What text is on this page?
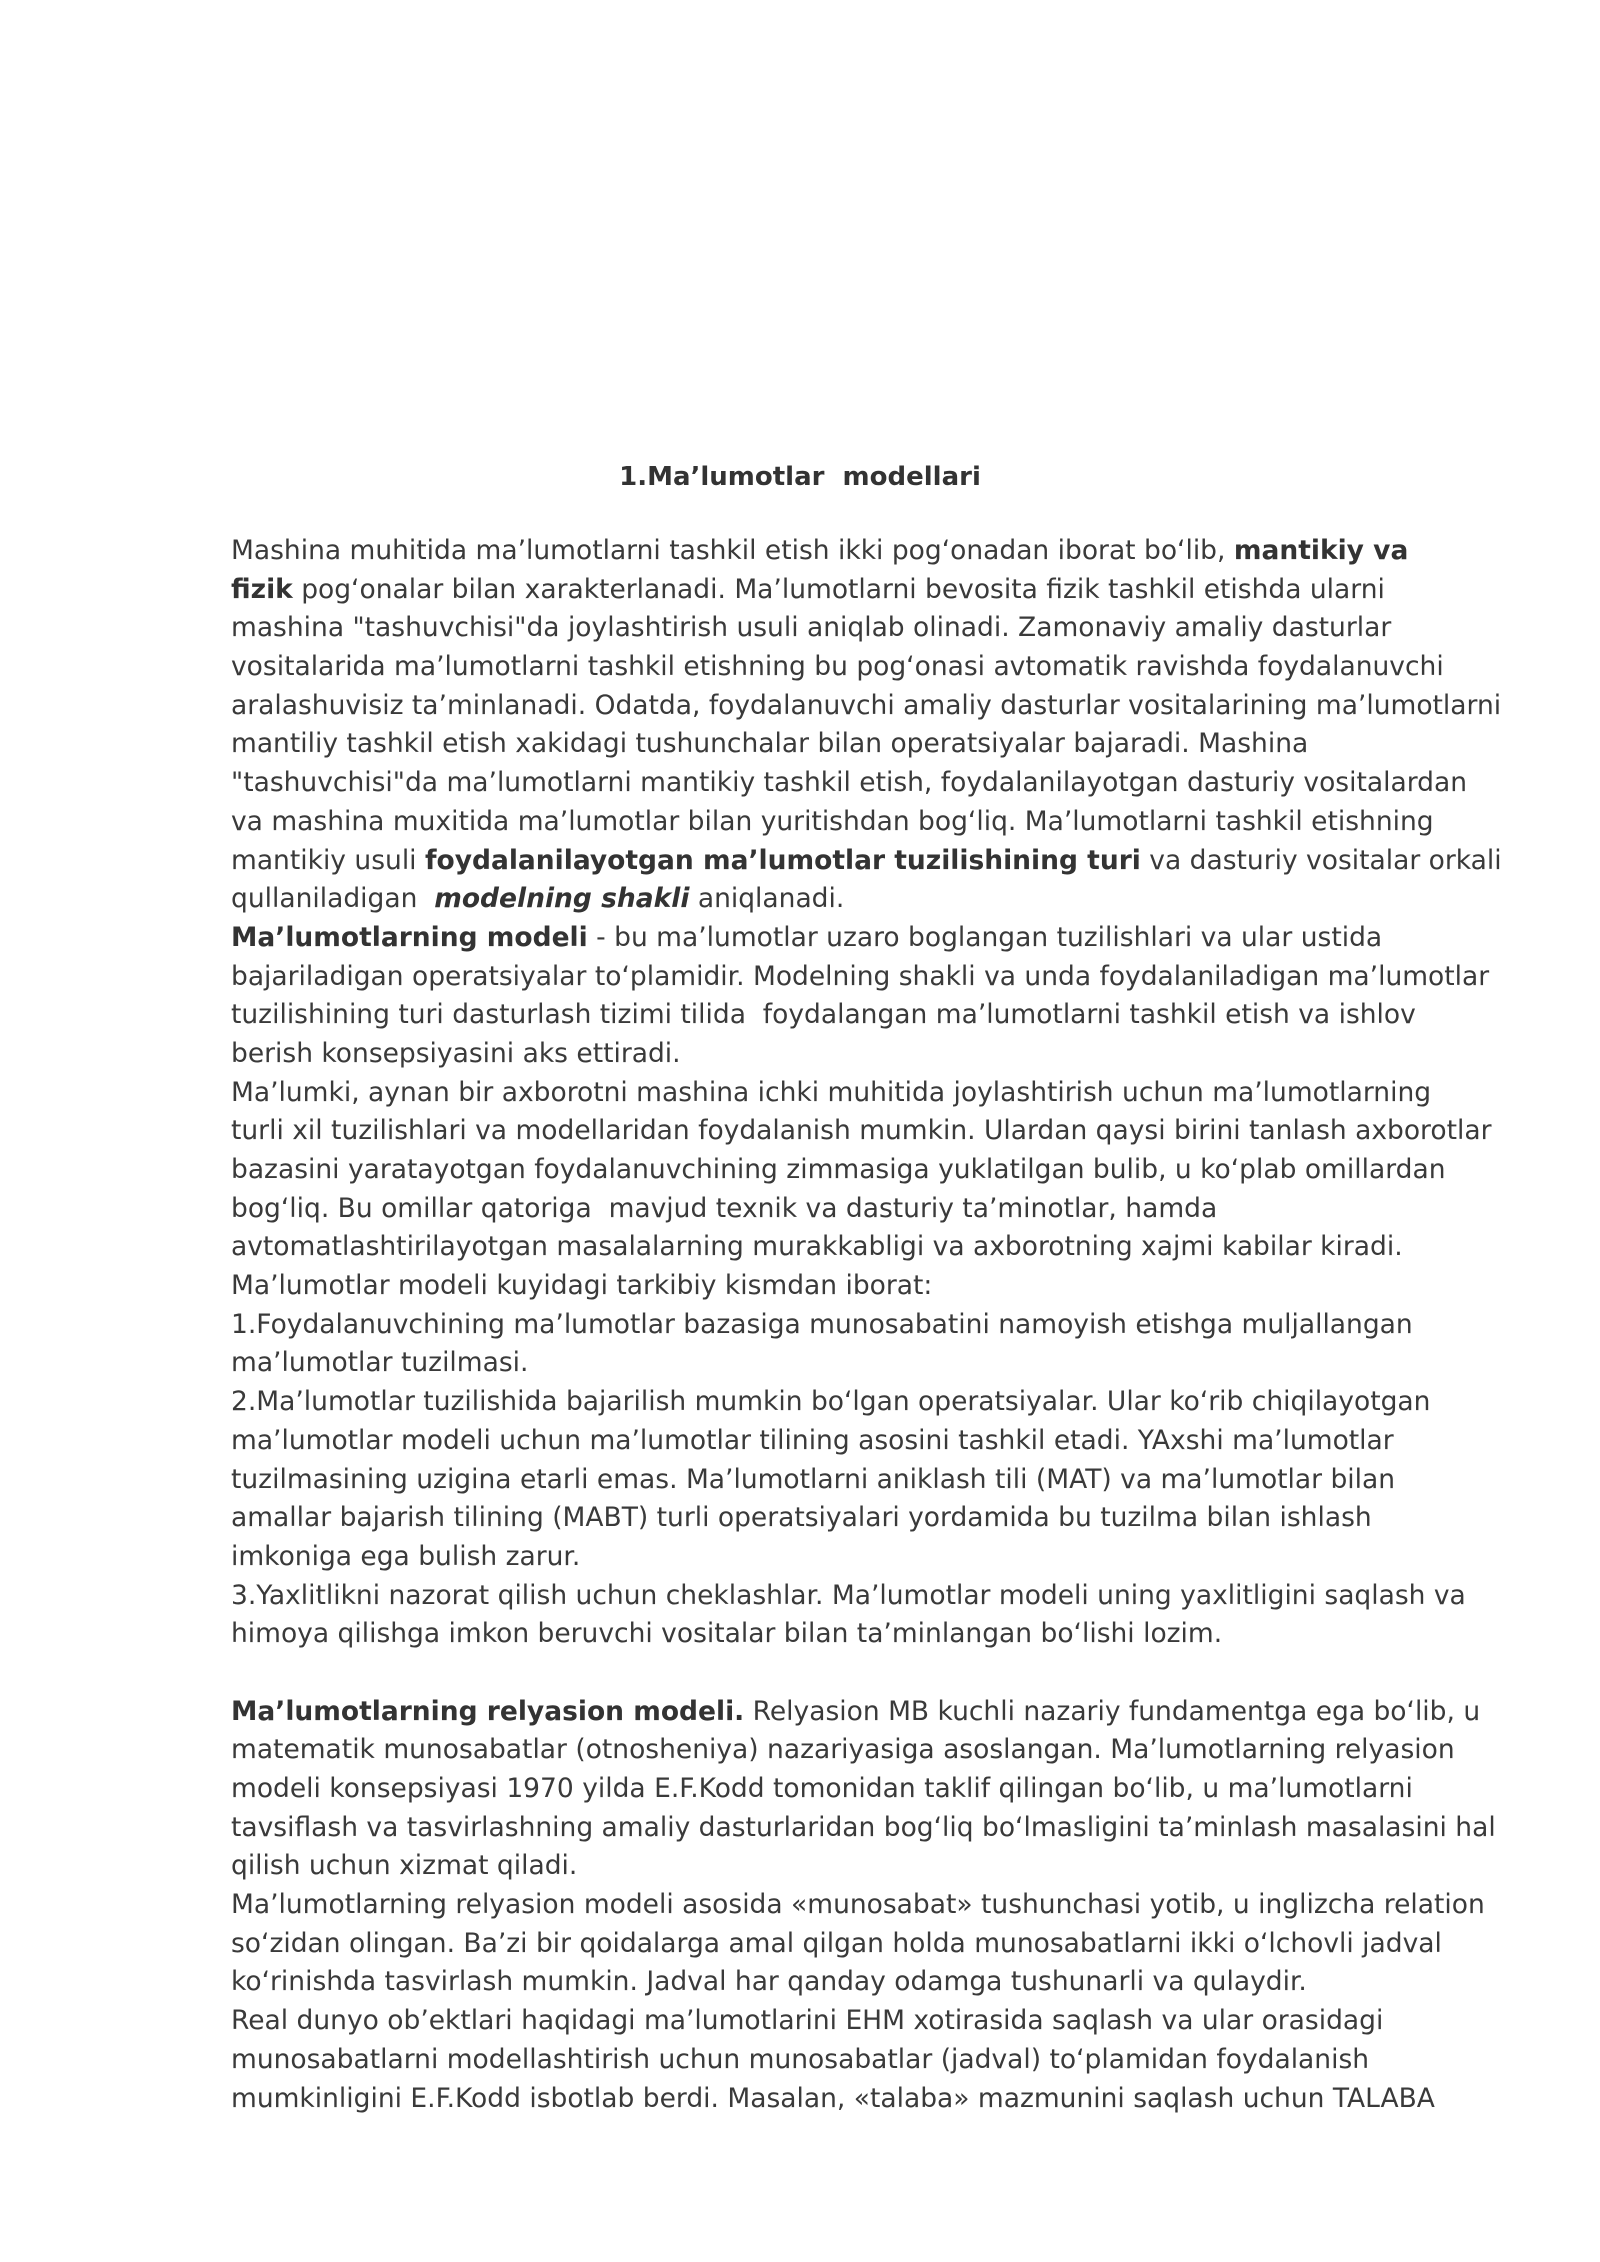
1.Ma’lumotlar  modellari
Mashina muhitida ma’lumotlarni tashkil etish ikki pog‘onadan iborat bo‘lib, mantikiy va
fizik pog‘onalar bilan xarakterlanadi. Ma’lumotlarni bevosita fizik tashkil etishda ularni
mashina "tashuvchisi"da joylashtirish usuli aniqlab olinadi. Zamonaviy amaliy dasturlar
vositalarida ma’lumotlarni tashkil etishning bu pog‘onasi avtomatik ravishda foydalanuvchi
aralashuvisiz ta’minlanadi. Odatda, foydalanuvchi amaliy dasturlar vositalarining ma’lumotlarni
mantiliy tashkil etish xakidagi tushunchalar bilan operatsiyalar bajaradi. Mashina
"tashuvchisi"da ma’lumotlarni mantikiy tashkil etish, foydalanilayotgan dasturiy vositalardan
va mashina muxitida ma’lumotlar bilan yuritishdan bog‘liq. Ma’lumotlarni tashkil etishning
mantikiy usuli foydalanilayotgan ma’lumotlar tuzilishining turi va dasturiy vositalar orkali
qullaniladigan  modelning shakli aniqlanadi.
Ma’lumotlarning modeli - bu ma’lumotlar uzaro boglangan tuzilishlari va ular ustida
bajariladigan operatsiyalar to‘plamidir. Modelning shakli va unda foydalaniladigan ma’lumotlar
tuzilishining turi dasturlash tizimi tilida  foydalangan ma’lumotlarni tashkil etish va ishlov
berish konsepsiyasini aks ettiradi.
Ma’lumki, aynan bir axborotni mashina ichki muhitida joylashtirish uchun ma’lumotlarning
turli xil tuzilishlari va modellaridan foydalanish mumkin. Ulardan qaysi birini tanlash axborotlar
bazasini yaratayotgan foydalanuvchining zimmasiga yuklatilgan bulib, u ko‘plab omillardan
bog‘liq. Bu omillar qatoriga  mavjud texnik va dasturiy ta’minotlar, hamda
avtomatlashtirilayotgan masalalarning murakkabligi va axborotning xajmi kabilar kiradi.
Ma’lumotlar modeli kuyidagi tarkibiy kismdan iborat:
1.Foydalanuvchining ma’lumotlar bazasiga munosabatini namoyish etishga muljallangan
ma’lumotlar tuzilmasi.
2.Ma’lumotlar tuzilishida bajarilish mumkin bo‘lgan operatsiyalar. Ular ko‘rib chiqilayotgan
ma’lumotlar modeli uchun ma’lumotlar tilining asosini tashkil etadi. YAxshi ma’lumotlar
tuzilmasining uzigina etarli emas. Ma’lumotlarni aniklash tili (MAT) va ma’lumotlar bilan
amallar bajarish tilining (MABT) turli operatsiyalari yordamida bu tuzilma bilan ishlash
imkoniga ega bulish zarur.
3.Yaxlitlikni nazorat qilish uchun cheklashlar. Ma’lumotlar modeli uning yaxlitligini saqlash va
himoya qilishga imkon beruvchi vositalar bilan ta’minlangan bo‘lishi lozim.
Ma’lumotlarning relyasion modeli. Relyasion MB kuchli nazariy fundamentga ega bo‘lib, u
matematik munosabatlar (otnosheniya) nazariyasiga asoslangan. Ma’lumotlarning relyasion
modeli konsepsiyasi 1970 yilda E.F.Kodd tomonidan taklif qilingan bo‘lib, u ma’lumotlarni
tavsiflash va tasvirlashning amaliy dasturlaridan bog‘liq bo‘lmasligini ta’minlash masalasini hal
qilish uchun xizmat qiladi.
Ma’lumotlarning relyasion modeli asosida «munosabat» tushunchasi yotib, u inglizcha relation
so‘zidan olingan. Ba’zi bir qoidalarga amal qilgan holda munosabatlarni ikki o‘lchovli jadval
ko‘rinishda tasvirlash mumkin. Jadval har qanday odamga tushunarli va qulaydir.
Real dunyo ob’ektlari haqidagi ma’lumotlarini EHM xotirasida saqlash va ular orasidagi
munosabatlarni modellashtirish uchun munosabatlar (jadval) to‘plamidan foydalanish
mumkinligini E.F.Kodd isbotlab berdi. Masalan, «talaba» mazmunini saqlash uchun TALABA
